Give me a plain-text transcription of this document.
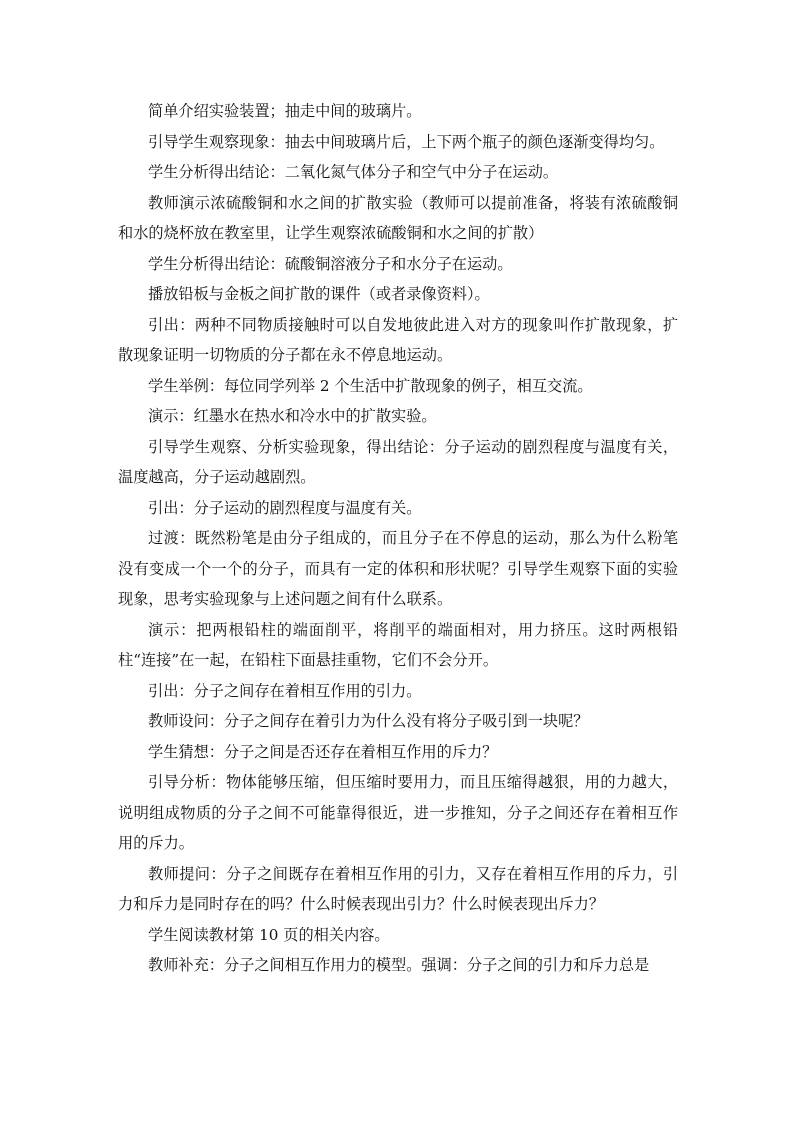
简单介绍实验装置；抽走中间的玻璃片。

引导学生观察现象：抽去中间玻璃片后，上下两个瓶子的颜色逐渐变得均匀。

学生分析得出结论：二氧化氮气体分子和空气中分子在运动。

教师演示浓硫酸铜和水之间的扩散实验（教师可以提前准备，将装有浓硫酸铜和水的烧杯放在教室里，让学生观察浓硫酸铜和水之间的扩散）

学生分析得出结论：硫酸铜溶液分子和水分子在运动。

播放铅板与金板之间扩散的课件（或者录像资料）。

引出：两种不同物质接触时可以自发地彼此进入对方的现象叫作扩散现象，扩散现象证明一切物质的分子都在永不停息地运动。

学生举例：每位同学列举 2 个生活中扩散现象的例子，相互交流。

演示：红墨水在热水和冷水中的扩散实验。

引导学生观察、分析实验现象，得出结论：分子运动的剧烈程度与温度有关，温度越高，分子运动越剧烈。

引出：分子运动的剧烈程度与温度有关。

过渡：既然粉笔是由分子组成的，而且分子在不停息的运动，那么为什么粉笔没有变成一个一个的分子，而具有一定的体积和形状呢？引导学生观察下面的实验现象，思考实验现象与上述问题之间有什么联系。

演示：把两根铅柱的端面削平，将削平的端面相对，用力挤压。这时两根铅柱“连接”在一起，在铅柱下面悬挂重物，它们不会分开。

引出：分子之间存在着相互作用的引力。

教师设问：分子之间存在着引力为什么没有将分子吸引到一块呢？

学生猜想：分子之间是否还存在着相互作用的斥力？

引导分析：物体能够压缩，但压缩时要用力，而且压缩得越狠，用的力越大，说明组成物质的分子之间不可能靠得很近，进一步推知，分子之间还存在着相互作用的斥力。

教师提问：分子之间既存在着相互作用的引力，又存在着相互作用的斥力，引力和斥力是同时存在的吗？什么时候表现出引力？什么时候表现出斥力？

学生阅读教材第 10 页的相关内容。

教师补充：分子之间相互作用力的模型。强调：分子之间的引力和斥力总是
